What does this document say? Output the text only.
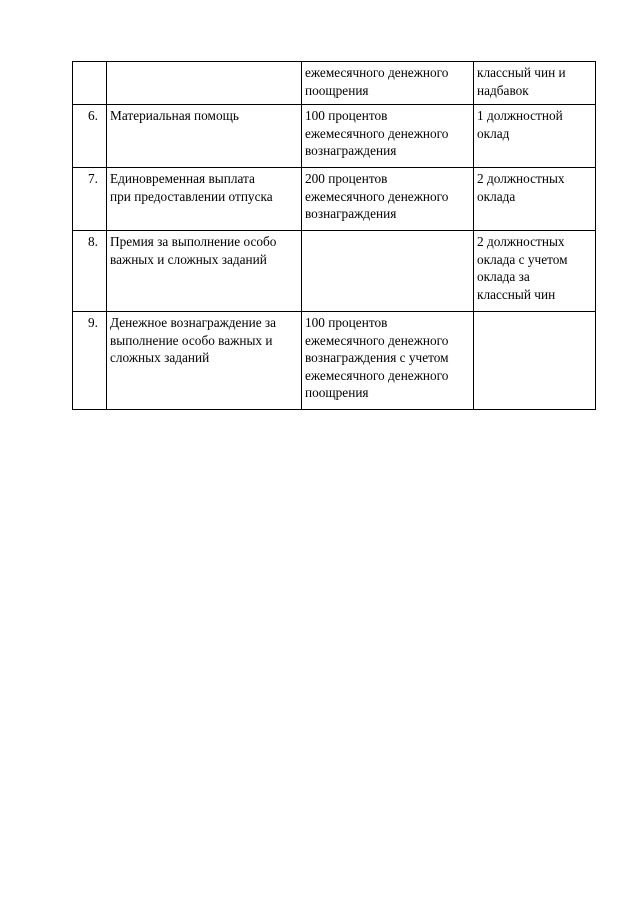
		ежемесячного денежного
поощрения	классный чин и
надбавок
6.	Материальная помощь	100 процентов
ежемесячного денежного
вознаграждения	1 должностной
оклад
7.	Единовременная выплата
при предоставлении отпуска	200 процентов
ежемесячного денежного
вознаграждения	2 должностных
оклада
8.	Премия за выполнение особо
важных и сложных заданий		2 должностных
оклада с учетом
оклада за
классный чин
9.	Денежное вознаграждение за
выполнение особо важных и
сложных заданий	100 процентов
ежемесячного денежного
вознаграждения с учетом
ежемесячного денежного
поощрения	
